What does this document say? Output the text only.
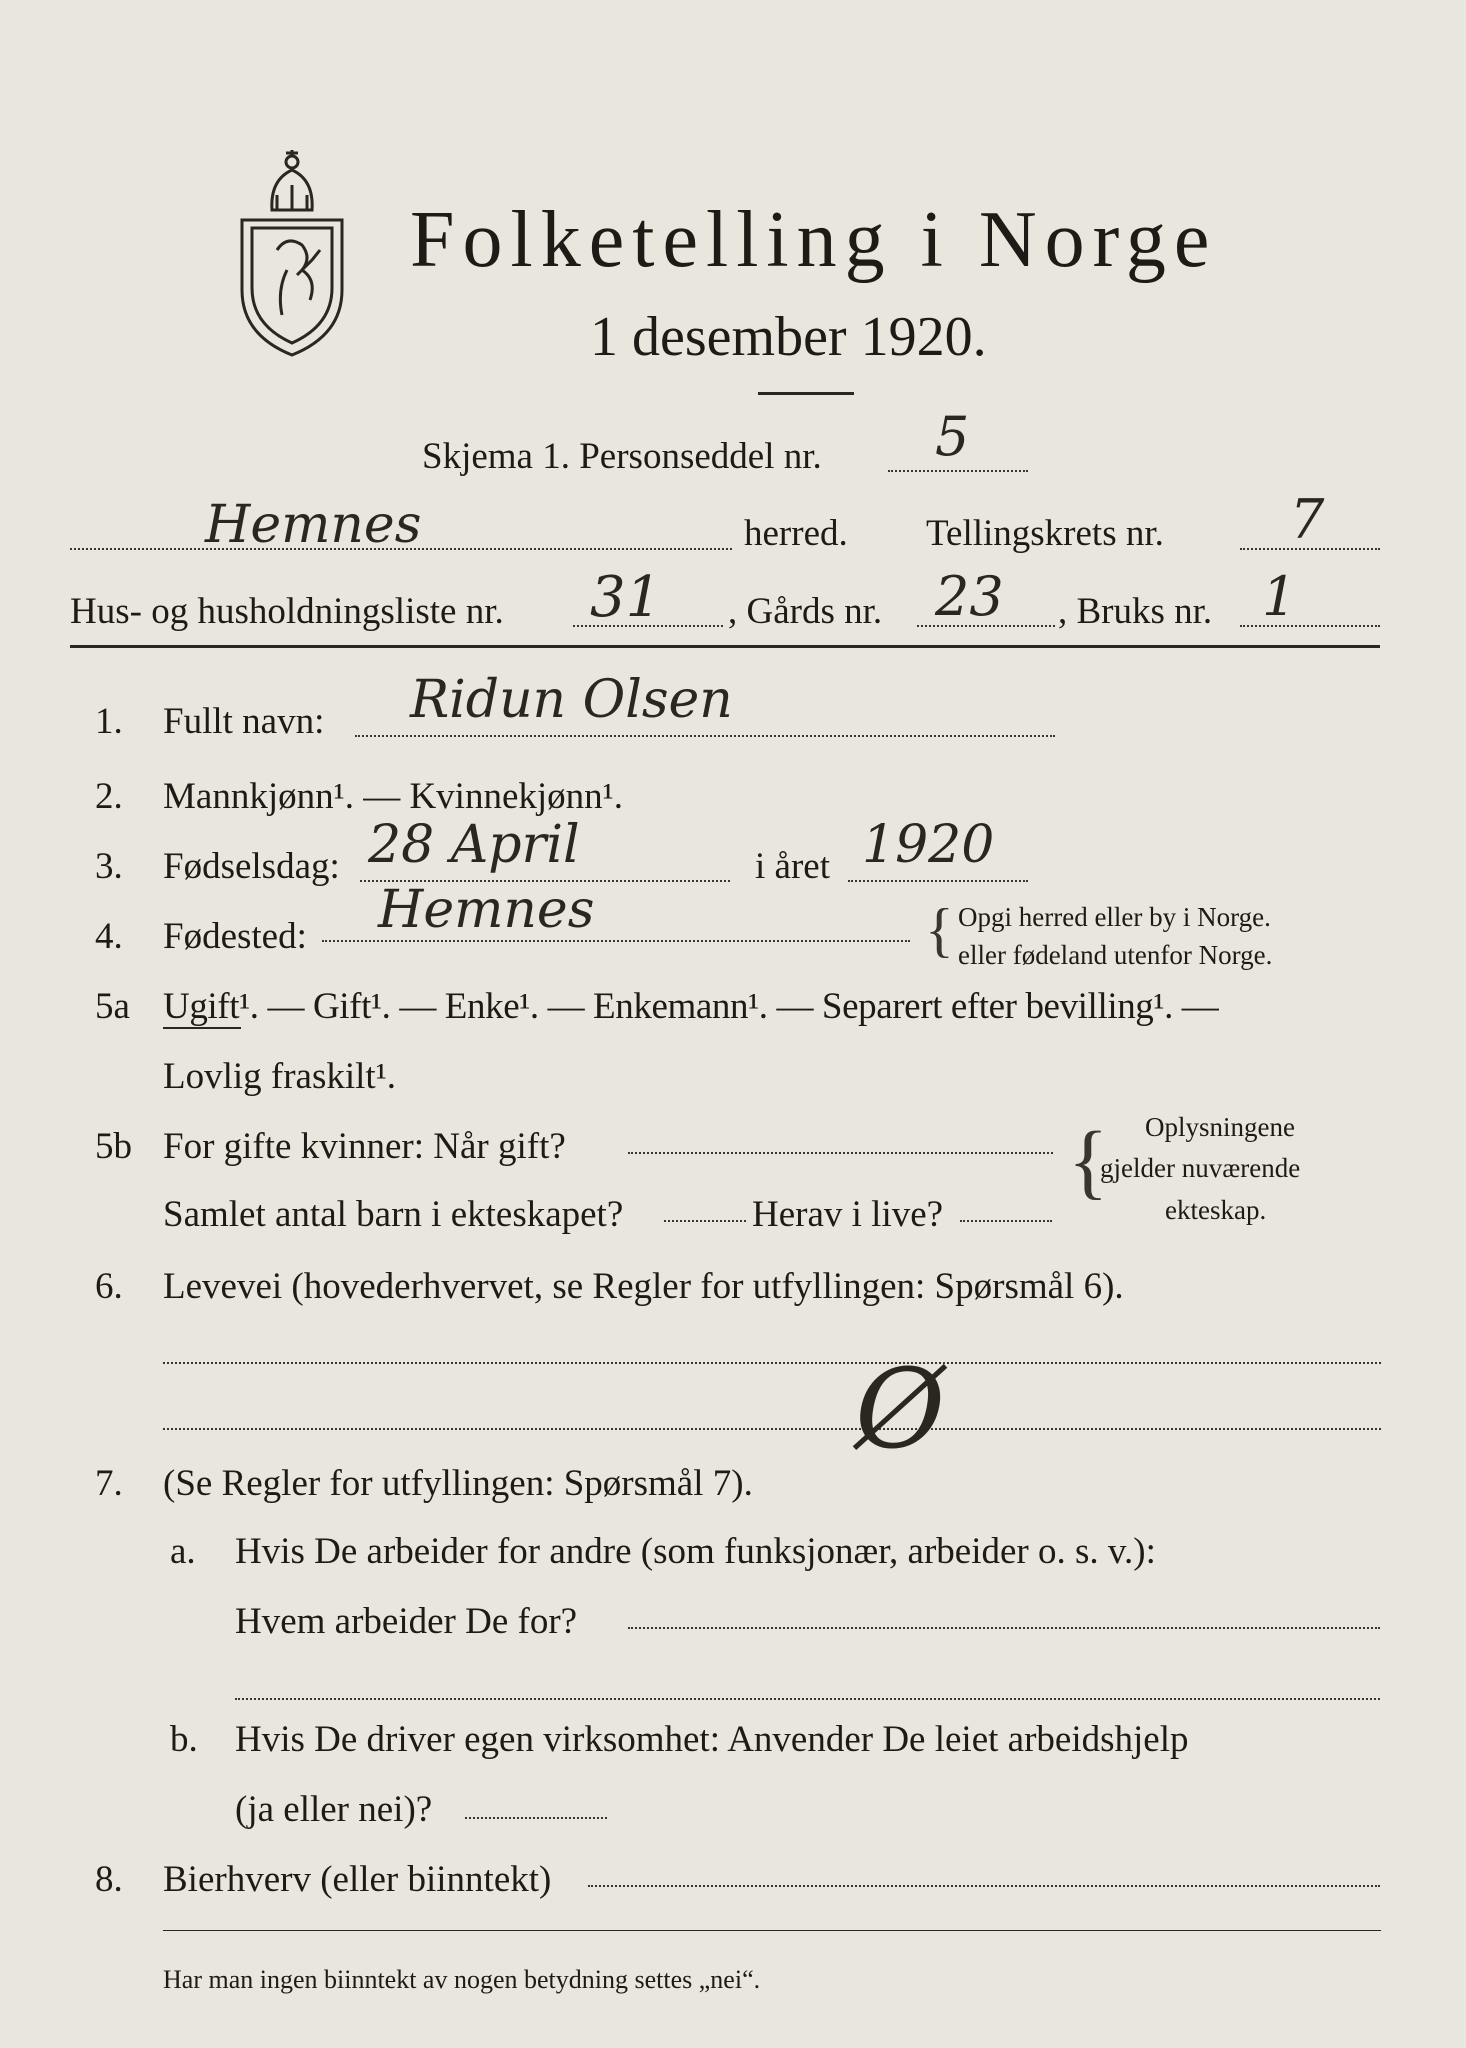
Folketelling i Norge
1 desember 1920.
Skjema 1. Personseddel nr. 5
Hemnes	herred. Tellingskrets nr. 7
Hus- og husholdningsliste nr. 31 , Gårds nr. 23 , Bruks nr. 1
1. Fullt navn: Ridun Olsen
2. Mannkjønn¹. — Kvinnekjønn¹.
3. Fødselsdag: 28 April	i året 1920
4. Fødested: Hemnes	{ Opgi herred eller by i Norge.
eller fødeland utenfor Norge.
5a Ugift¹. — Gift¹. — Enke¹. — Enkemann¹. — Separert efter bevilling¹. —
Lovlig fraskilt¹.
5b For gifte kvinner: Når gift?
Samlet antal barn i ekteskapet?	Herav i live?
{ Oplysningene
gjelder nuværende
ekteskap.
6. Levevei (hovederhvervet, se Regler for utfyllingen: Spørsmål 6).
Ø
7. (Se Regler for utfyllingen: Spørsmål 7).
a. Hvis De arbeider for andre (som funksjonær, arbeider o. s. v.):
Hvem arbeider De for?
b. Hvis De driver egen virksomhet: Anvender De leiet arbeidshjelp
(ja eller nei)?
8. Bierhverv (eller biinntekt)
Har man ingen biinntekt av nogen betydning settes „nei“.
